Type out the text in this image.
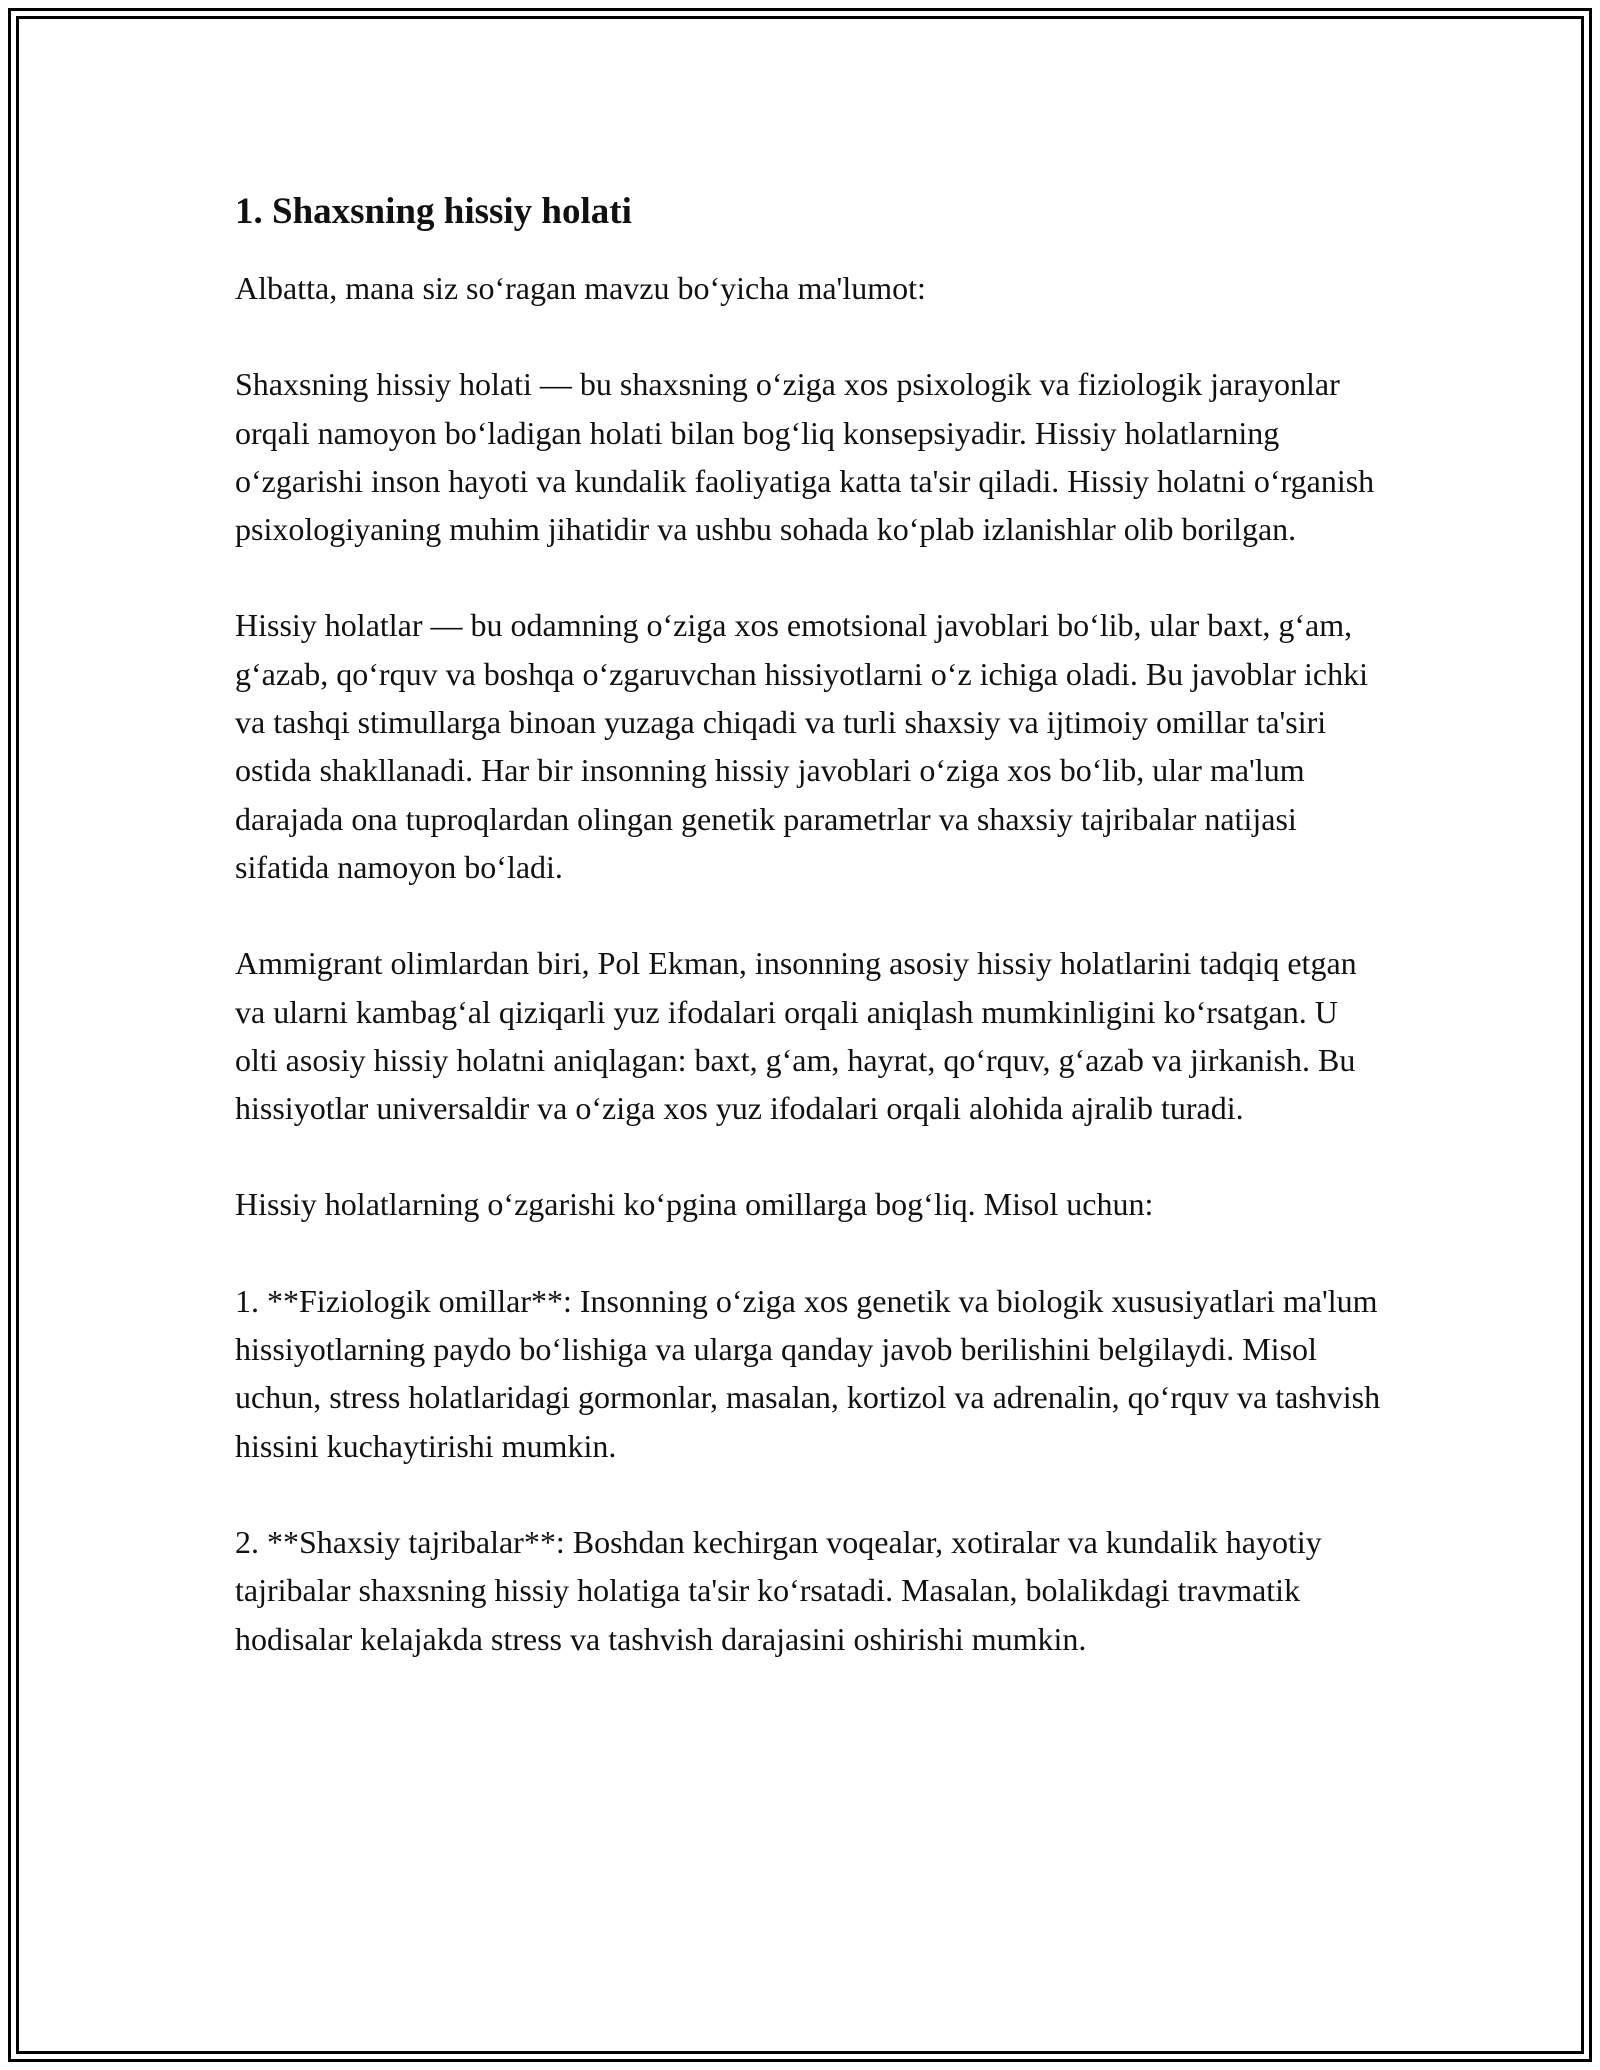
1. Shaxsning hissiy holati

Albatta, mana siz so‘ragan mavzu bo‘yicha ma'lumot:

Shaxsning hissiy holati — bu shaxsning o‘ziga xos psixologik va fiziologik jarayonlar orqali namoyon bo‘ladigan holati bilan bog‘liq konsepsiyadir. Hissiy holatlarning o‘zgarishi inson hayoti va kundalik faoliyatiga katta ta'sir qiladi. Hissiy holatni o‘rganish psixologiyaning muhim jihatidir va ushbu sohada ko‘plab izlanishlar olib borilgan.

Hissiy holatlar — bu odamning o‘ziga xos emotsional javoblari bo‘lib, ular baxt, g‘am, g‘azab, qo‘rquv va boshqa o‘zgaruvchan hissiyotlarni o‘z ichiga oladi. Bu javoblar ichki va tashqi stimullarga binoan yuzaga chiqadi va turli shaxsiy va ijtimoiy omillar ta'siri ostida shakllanadi. Har bir insonning hissiy javoblari o‘ziga xos bo‘lib, ular ma'lum darajada ona tuproqlardan olingan genetik parametrlar va shaxsiy tajribalar natijasi sifatida namoyon bo‘ladi.

Ammigrant olimlardan biri, Pol Ekman, insonning asosiy hissiy holatlarini tadqiq etgan va ularni kambag‘al qiziqarli yuz ifodalari orqali aniqlash mumkinligini ko‘rsatgan. U olti asosiy hissiy holatni aniqlagan: baxt, g‘am, hayrat, qo‘rquv, g‘azab va jirkanish. Bu hissiyotlar universaldir va o‘ziga xos yuz ifodalari orqali alohida ajralib turadi.

Hissiy holatlarning o‘zgarishi ko‘pgina omillarga bog‘liq. Misol uchun:

1. **Fiziologik omillar**: Insonning o‘ziga xos genetik va biologik xususiyatlari ma'lum hissiyotlarning paydo bo‘lishiga va ularga qanday javob berilishini belgilaydi. Misol uchun, stress holatlaridagi gormonlar, masalan, kortizol va adrenalin, qo‘rquv va tashvish hissini kuchaytirishi mumkin.

2. **Shaxsiy tajribalar**: Boshdan kechirgan voqealar, xotiralar va kundalik hayotiy tajribalar shaxsning hissiy holatiga ta'sir ko‘rsatadi. Masalan, bolalikdagi travmatik hodisalar kelajakda stress va tashvish darajasini oshirishi mumkin.
